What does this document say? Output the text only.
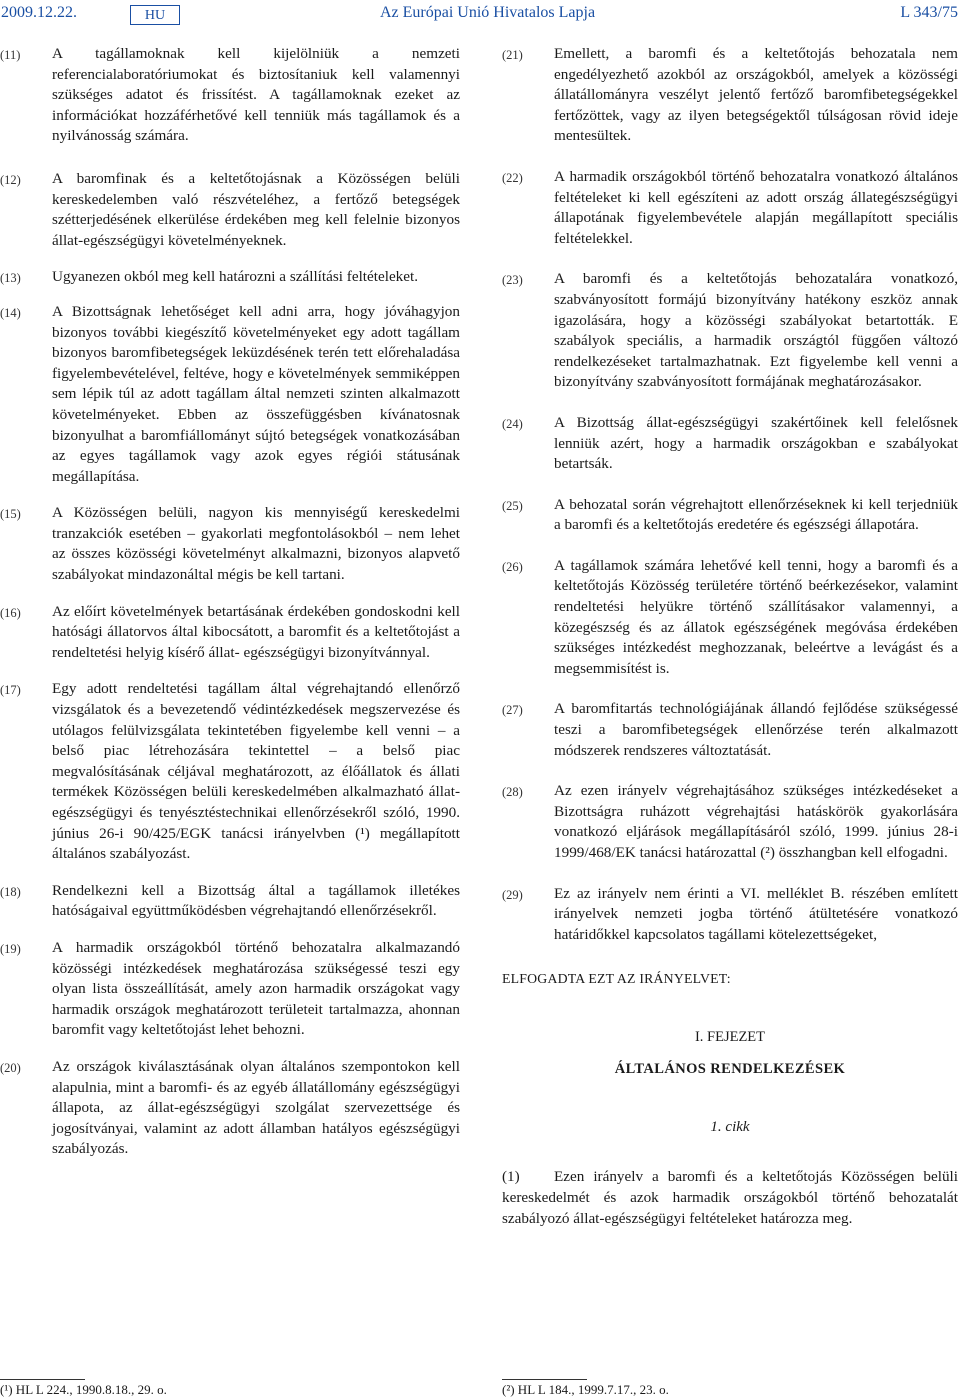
2009.12.22.	HU	Az Európai Unió Hivatalos Lapja	L 343/75
(11) A tagállamoknak kell kijelölniük a nemzeti referencialaboratóriumokat és biztosítaniuk kell valamennyi szükséges adatot és frissítést. A tagállamoknak ezeket az információkat hozzáférhetővé kell tenniük más tagállamok és a nyilvánosság számára.
(12) A baromfinak és a keltetőtojásnak a Közösségen belüli kereskedelemben való részvételéhez, a fertőző betegségek szétterjedésének elkerülése érdekében meg kell felelnie bizonyos állat-egészségügyi követelményeknek.
(13) Ugyanezen okból meg kell határozni a szállítási feltételeket.
(14) A Bizottságnak lehetőséget kell adni arra, hogy jóváhagyjon bizonyos további kiegészítő követelményeket egy adott tagállam bizonyos baromfibetegségek leküzdésének terén tett előrehaladása figyelembevételével, feltéve, hogy e követelmények semmiképpen sem lépik túl az adott tagállam által nemzeti szinten alkalmazott követelményeket. Ebben az összefüggésben kívánatosnak bizonyulhat a baromfiállományt sújtó betegségek vonatkozásában az egyes tagállamok vagy azok egyes régiói státusának megállapítása.
(15) A Közösségen belüli, nagyon kis mennyiségű kereskedelmi tranzakciók esetében – gyakorlati megfontolásokból – nem lehet az összes közösségi követelményt alkalmazni, bizonyos alapvető szabályokat mindazonáltal mégis be kell tartani.
(16) Az előírt követelmények betartásának érdekében gondoskodni kell hatósági állatorvos által kibocsátott, a baromfit és a keltetőtojást a rendeltetési helyig kísérő állat- egészségügyi bizonyítvánnyal.
(17) Egy adott rendeltetési tagállam által végrehajtandó ellenőrző vizsgálatok és a bevezetendő védintézkedések megszervezése és utólagos felülvizsgálata tekintetében figyelembe kell venni – a belső piac létrehozására tekintettel – a belső piac megvalósításának céljával meghatározott, az élőállatok és állati termékek Közösségen belüli kereskedelmében alkalmazható állat-egészségügyi és tenyésztéstechnikai ellenőrzésekről szóló, 1990. június 26-i 90/425/EGK tanácsi irányelvben (¹) megállapított általános szabályozást.
(18) Rendelkezni kell a Bizottság által a tagállamok illetékes hatóságaival együttműködésben végrehajtandó ellenőrzésekről.
(19) A harmadik országokból történő behozatalra alkalmazandó közösségi intézkedések meghatározása szükségessé teszi egy olyan lista összeállítását, amely azon harmadik országokat vagy harmadik országok meghatározott területeit tartalmazza, ahonnan baromfit vagy keltetőtojást lehet behozni.
(20) Az országok kiválasztásának olyan általános szempontokon kell alapulnia, mint a baromfi- és az egyéb állatállomány egészségügyi állapota, az állat-egészségügyi szolgálat szervezettsége és jogosítványai, valamint az adott államban hatályos egészségügyi szabályozás.
(21) Emellett, a baromfi és a keltetőtojás behozatala nem engedélyezhető azokból az országokból, amelyek a közösségi állatállományra veszélyt jelentő fertőző baromfibetegségekkel fertőzöttek, vagy az ilyen betegségektől túlságosan rövid ideje mentesültek.
(22) A harmadik országokból történő behozatalra vonatkozó általános feltételeket ki kell egészíteni az adott ország állategészségügyi állapotának figyelembevétele alapján megállapított speciális feltételekkel.
(23) A baromfi és a keltetőtojás behozatalára vonatkozó, szabványosított formájú bizonyítvány hatékony eszköz annak igazolására, hogy a közösségi szabályokat betartották. E szabályok speciális, a harmadik országtól függően változó rendelkezéseket tartalmazhatnak. Ezt figyelembe kell venni a bizonyítvány szabványosított formájának meghatározásakor.
(24) A Bizottság állat-egészségügyi szakértőinek kell felelősnek lenniük azért, hogy a harmadik országokban e szabályokat betartsák.
(25) A behozatal során végrehajtott ellenőrzéseknek ki kell terjedniük a baromfi és a keltetőtojás eredetére és egészségi állapotára.
(26) A tagállamok számára lehetővé kell tenni, hogy a baromfi és a keltetőtojás Közösség területére történő beérkezésekor, valamint rendeltetési helyükre történő szállításakor valamennyi, a közegészség és az állatok egészségének megóvása érdekében szükséges intézkedést meghozzanak, beleértve a levágást és a megsemmisítést is.
(27) A baromfitartás technológiájának állandó fejlődése szükségessé teszi a baromfibetegségek ellenőrzése terén alkalmazott módszerek rendszeres változtatását.
(28) Az ezen irányelv végrehajtásához szükséges intézkedéseket a Bizottságra ruházott végrehajtási hatáskörök gyakorlására vonatkozó eljárások megállapításáról szóló, 1999. június 28-i 1999/468/EK tanácsi határozattal (²) összhangban kell elfogadni.
(29) Ez az irányelv nem érinti a VI. melléklet B. részében említett irányelvek nemzeti jogba történő átültetésére vonatkozó határidőkkel kapcsolatos tagállami kötelezettségeket,
ELFOGADTA EZT AZ IRÁNYELVET:
I. FEJEZET
ÁLTALÁNOS RENDELKEZÉSEK
1. cikk
(1) Ezen irányelv a baromfi és a keltetőtojás Közösségen belüli kereskedelmét és azok harmadik országokból történő behozatalát szabályozó állat-egészségügyi feltételeket határozza meg.
(¹) HL L 224., 1990.8.18., 29. o.	(²) HL L 184., 1999.7.17., 23. o.
